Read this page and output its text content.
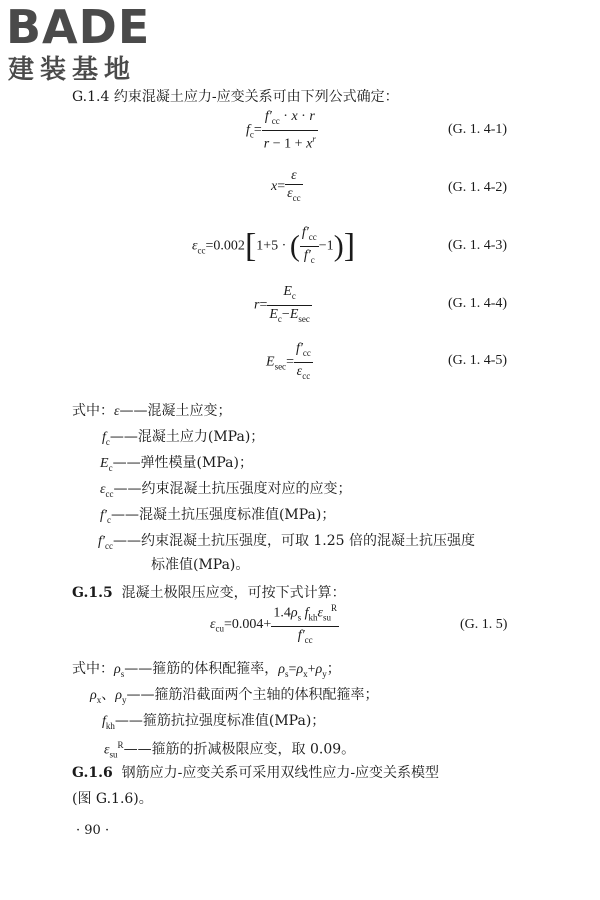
BADE
建装基地
G.1.4 约束混凝土应力-应变关系可由下列公式确定：
$f_c= \frac{f'_{cc} \cdot x \cdot r}{r - 1 + x^r}$	(G. 1. 4-1)
$x= \frac{\varepsilon}{\varepsilon_{cc}}$	(G. 1. 4-2)
$\varepsilon_{cc}=0.002[1+5$ · ( $\frac{f'_{cc}}{f'_c} -1$)]	(G. 1. 4-3)
$r= \frac{E_c}{E_c-E_{sec}}$	(G. 1. 4-4)
$E_{sec}= \frac{f'_{cc}}{\varepsilon_{cc}}$	(G. 1. 4-5)
式中：ε——混凝土应变；
$f_c——$混凝土应力(MPa)；
$E_c——$弹性模量(MPa)；
$\varepsilon_{cc}——$约束混凝土抗压强度对应的应变；
$f'_c——$混凝土抗压强度标准值(MPa)；
$f'_{cc}——$约束混凝土抗压强度，可取 1.25 倍的混凝土抗压强度
标准值(MPa)。
G.1.5 混凝土极限压应变，可按下式计算：
$\varepsilon_{cu}=0.004+ \frac{1.4\rho_s f_{kh}\varepsilon_{su}^R}{f'_{cc}}$	(G. 1. 5)
式中：$\rho_s——$箍筋的体积配箍率，$\rho_s=\rho_x+\rho_y$；
$\rho_x$、$\rho_y——$箍筋沿截面两个主轴的体积配箍率；
$f_{kh}——$箍筋抗拉强度标准值(MPa)；
$\varepsilon_{su}^R——$箍筋的折减极限应变，取 0.09。
G.1.6 钢筋应力-应变关系可采用双线性应力-应变关系模型
(图 G.1.6)。
· 90 ·
